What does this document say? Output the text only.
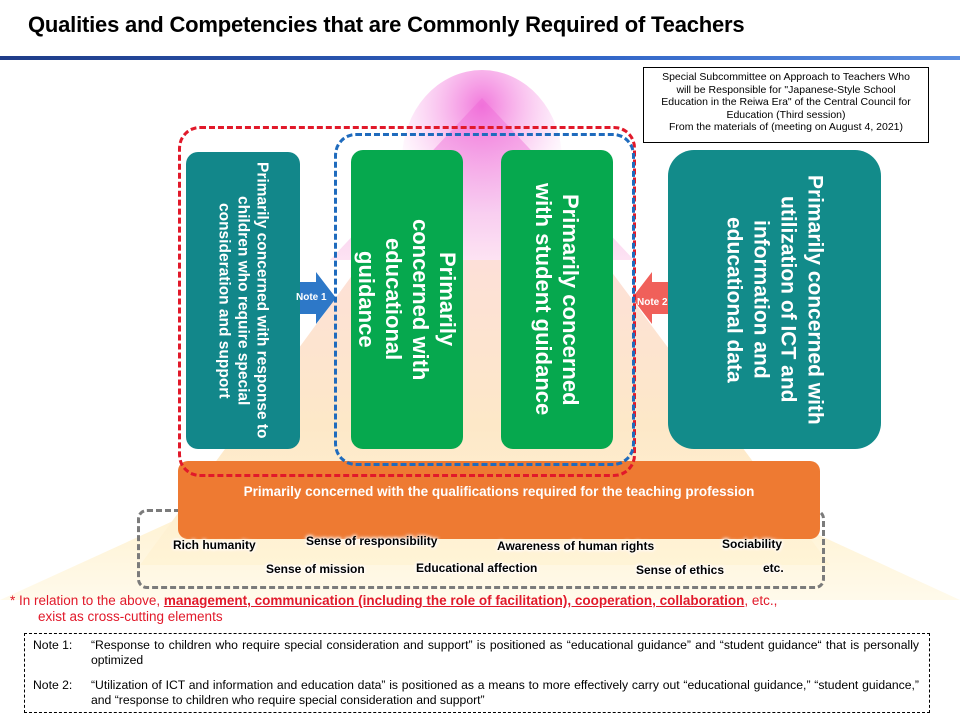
Qualities and Competencies that are Commonly Required of Teachers
Special Subcommittee on Approach to Teachers Who
will be Responsible for "Japanese-Style School
Education in the Reiwa Era" of the Central Council for
Education (Third session)
From the materials of (meeting on August 4, 2021)
Primarily concerned with response to children who require special consideration and support	Primarily concerned with educational guidance	Primarily concerned with student guidance	Primarily concerned with utilization of ICT and information and educational data
Note 1	Note 2
Primarily concerned with the qualifications required for the teaching profession
Rich humanity	Sense of responsibility	Awareness of human rights	Sociability
Sense of mission	Educational affection	Sense of ethics	etc.
* In relation to the above, management, communication (including the role of facilitation), cooperation, collaboration, etc.,
exist as cross-cutting elements
Note 1:	“Response to children who require special consideration and support” is positioned as “educational guidance” and “student guidance“ that is personally optimized
Note 2:	“Utilization of ICT and information and education data” is positioned as a means to more effectively carry out “educational guidance,” “student guidance,” and “response to children who require special consideration and support”
